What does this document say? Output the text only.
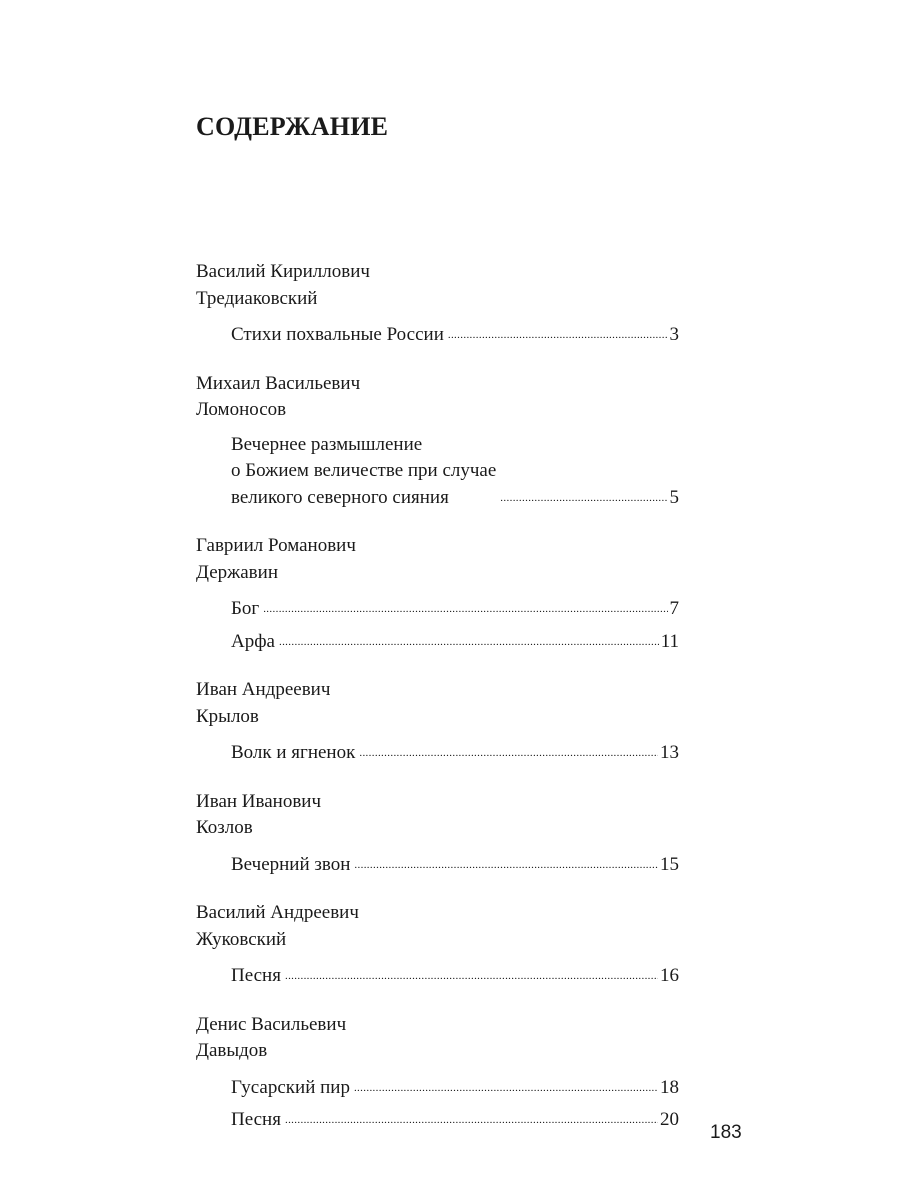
СОДЕРЖАНИЕ
Василий Кириллович
Тредиаковский
Стихи похвальные России . . .	3
Михаил Васильевич
Ломоносов
Вечернее размышление
о Божием величестве при случае
великого северного сияния . . .	5
Гавриил Романович
Державин
Бог . . .	7
Арфа . . .	11
Иван Андреевич
Крылов
Волк и ягненок . . .	13
Иван Иванович
Козлов
Вечерний звон . . .	15
Василий Андреевич
Жуковский
Песня . . .	16
Денис Васильевич
Давыдов
Гусарский пир . . .	18
Песня . . .	20
183
